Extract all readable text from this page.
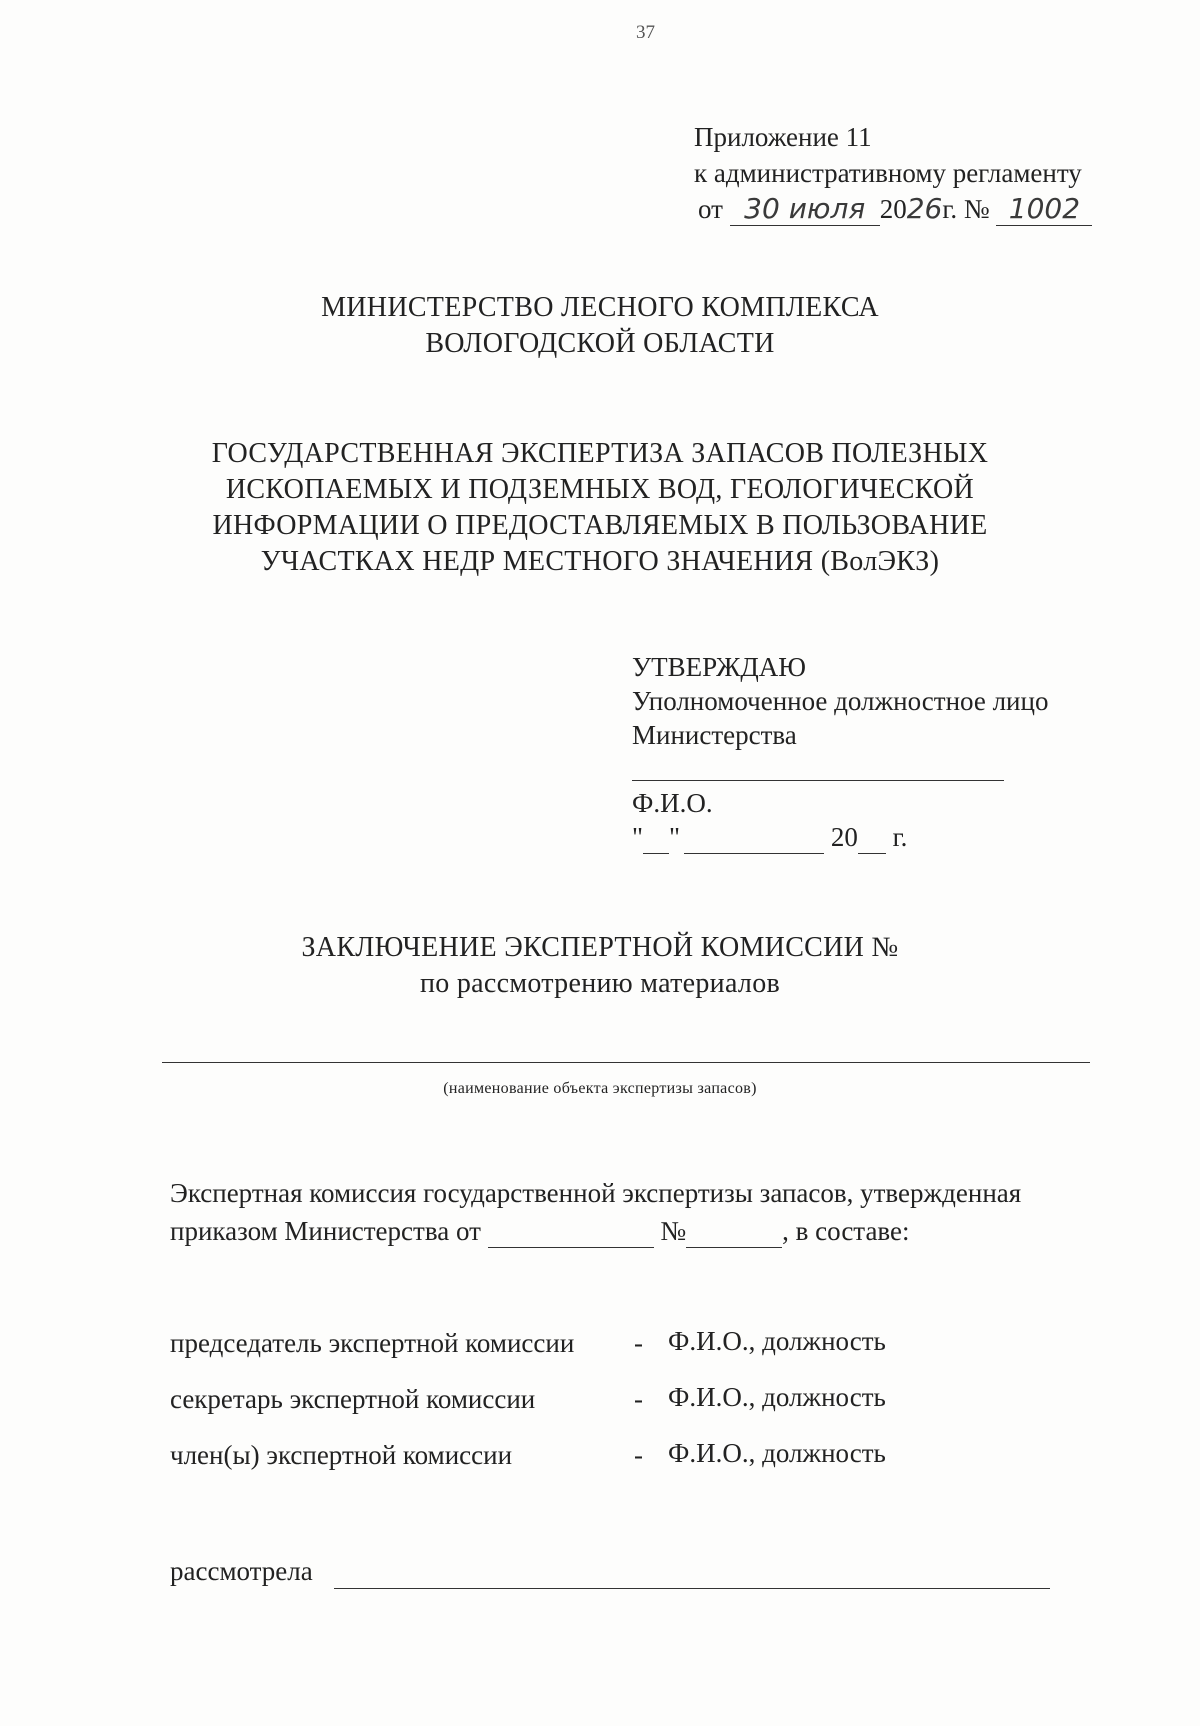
37
Приложение 11
к административному регламенту
от 30 июля 2026г. № 1002
МИНИСТЕРСТВО ЛЕСНОГО КОМПЛЕКСА
ВОЛОГОДСКОЙ ОБЛАСТИ
ГОСУДАРСТВЕННАЯ ЭКСПЕРТИЗА ЗАПАСОВ ПОЛЕЗНЫХ
ИСКОПАЕМЫХ И ПОДЗЕМНЫХ ВОД, ГЕОЛОГИЧЕСКОЙ
ИНФОРМАЦИИ О ПРЕДОСТАВЛЯЕМЫХ В ПОЛЬЗОВАНИЕ
УЧАСТКАХ НЕДР МЕСТНОГО ЗНАЧЕНИЯ (ВолЭКЗ)
УТВЕРЖДАЮ
Уполномоченное должностное лицо
Министерства
Ф.И.О.
" "	20 г.
ЗАКЛЮЧЕНИЕ ЭКСПЕРТНОЙ КОМИССИИ №
по рассмотрению материалов
(наименование объекта экспертизы запасов)
Экспертная комиссия государственной экспертизы запасов, утвержденная
приказом Министерства от	№	, в составе:
председатель экспертной комиссии - Ф.И.О., должность
секретарь экспертной комиссии	- Ф.И.О., должность
член(ы) экспертной комиссии	- Ф.И.О., должность
рассмотрела
